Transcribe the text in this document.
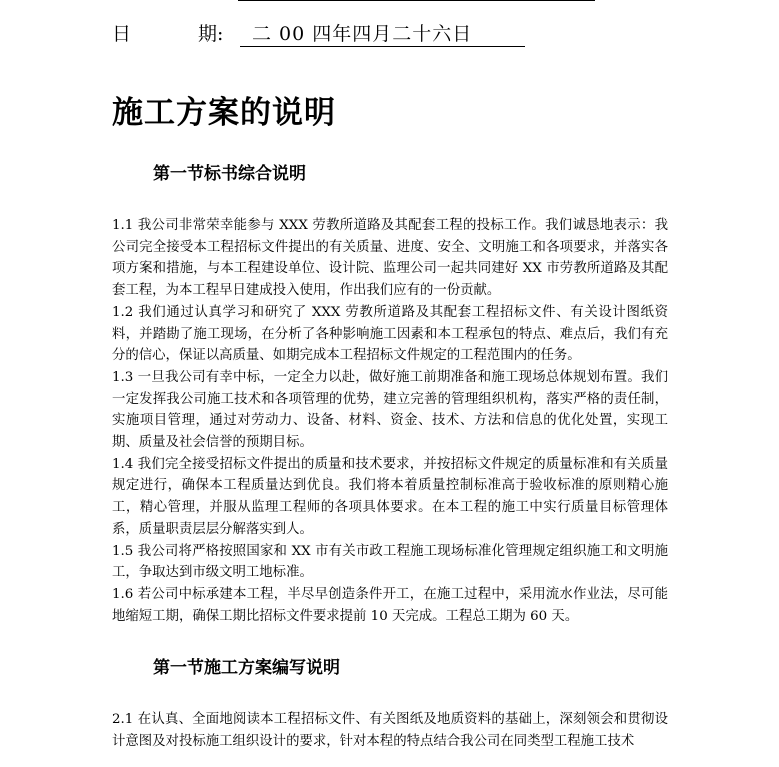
日	期:	二 00 四年四月二十六日
施工方案的说明
第一节标书综合说明

1.1 我公司非常荣幸能参与 XXX 劳教所道路及其配套工程的投标工作。我们诚恳地表示：我公司完全接受本工程招标文件提出的有关质量、进度、安全、文明施工和各项要求，并落实各项方案和措施，与本工程建设单位、设计院、监理公司一起共同建好 XX 市劳教所道路及其配套工程，为本工程早日建成投入使用，作出我们应有的一份贡献。

1.2 我们通过认真学习和研究了 XXX 劳教所道路及其配套工程招标文件、有关设计图纸资料，并踏勘了施工现场，在分析了各种影响施工因素和本工程承包的特点、难点后，我们有充分的信心，保证以高质量、如期完成本工程招标文件规定的工程范围内的任务。

1.3 一旦我公司有幸中标，一定全力以赴，做好施工前期准备和施工现场总体规划布置。我们一定发挥我公司施工技术和各项管理的优势，建立完善的管理组织机构，落实严格的责任制，实施项目管理，通过对劳动力、设备、材料、资金、技术、方法和信息的优化处置，实现工期、质量及社会信誉的预期目标。

1.4 我们完全接受招标文件提出的质量和技术要求，并按招标文件规定的质量标准和有关质量规定进行，确保本工程质量达到优良。我们将本着质量控制标准高于验收标准的原则精心施工，精心管理，并服从监理工程师的各项具体要求。在本工程的施工中实行质量目标管理体系，质量职责层层分解落实到人。

1.5 我公司将严格按照国家和 XX 市有关市政工程施工现场标准化管理规定组织施工和文明施工，争取达到市级文明工地标准。

1.6 若公司中标承建本工程，半尽早创造条件开工，在施工过程中，采用流水作业法，尽可能地缩短工期，确保工期比招标文件要求提前 10 天完成。工程总工期为 60 天。

第一节施工方案编写说明

2.1 在认真、全面地阅读本工程招标文件、有关图纸及地质资料的基础上，深刻领会和贯彻设计意图及对投标施工组织设计的要求，针对本程的特点结合我公司在同类型工程施工技术
